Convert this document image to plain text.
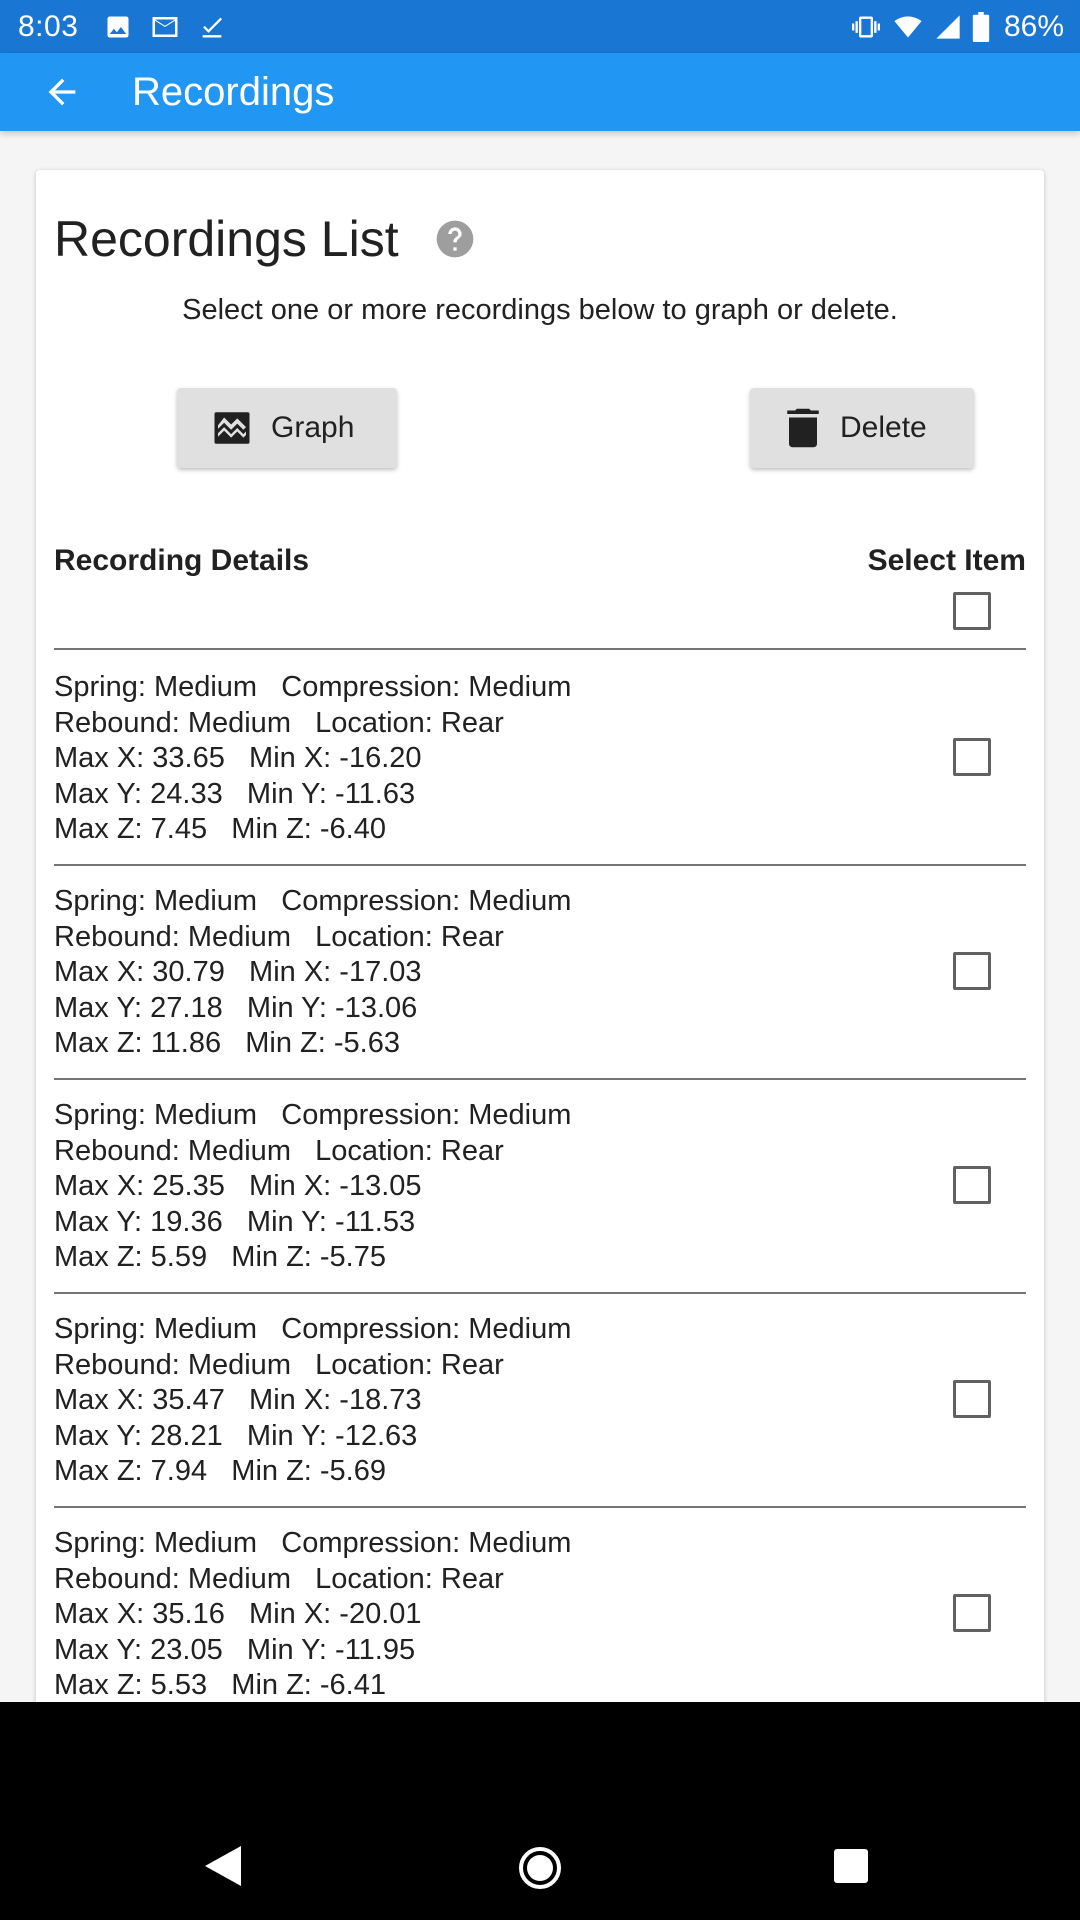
8:03	86%
Recordings
Recordings List
Select one or more recordings below to graph or delete.
Graph	Delete
Recording Details	Select Item
Spring: Medium   Compression: Medium
Rebound: Medium   Location: Rear
Max X: 33.65   Min X: -16.20
Max Y: 24.33   Min Y: -11.63
Max Z: 7.45   Min Z: -6.40
Spring: Medium   Compression: Medium
Rebound: Medium   Location: Rear
Max X: 30.79   Min X: -17.03
Max Y: 27.18   Min Y: -13.06
Max Z: 11.86   Min Z: -5.63
Spring: Medium   Compression: Medium
Rebound: Medium   Location: Rear
Max X: 25.35   Min X: -13.05
Max Y: 19.36   Min Y: -11.53
Max Z: 5.59   Min Z: -5.75
Spring: Medium   Compression: Medium
Rebound: Medium   Location: Rear
Max X: 35.47   Min X: -18.73
Max Y: 28.21   Min Y: -12.63
Max Z: 7.94   Min Z: -5.69
Spring: Medium   Compression: Medium
Rebound: Medium   Location: Rear
Max X: 35.16   Min X: -20.01
Max Y: 23.05   Min Y: -11.95
Max Z: 5.53   Min Z: -6.41
